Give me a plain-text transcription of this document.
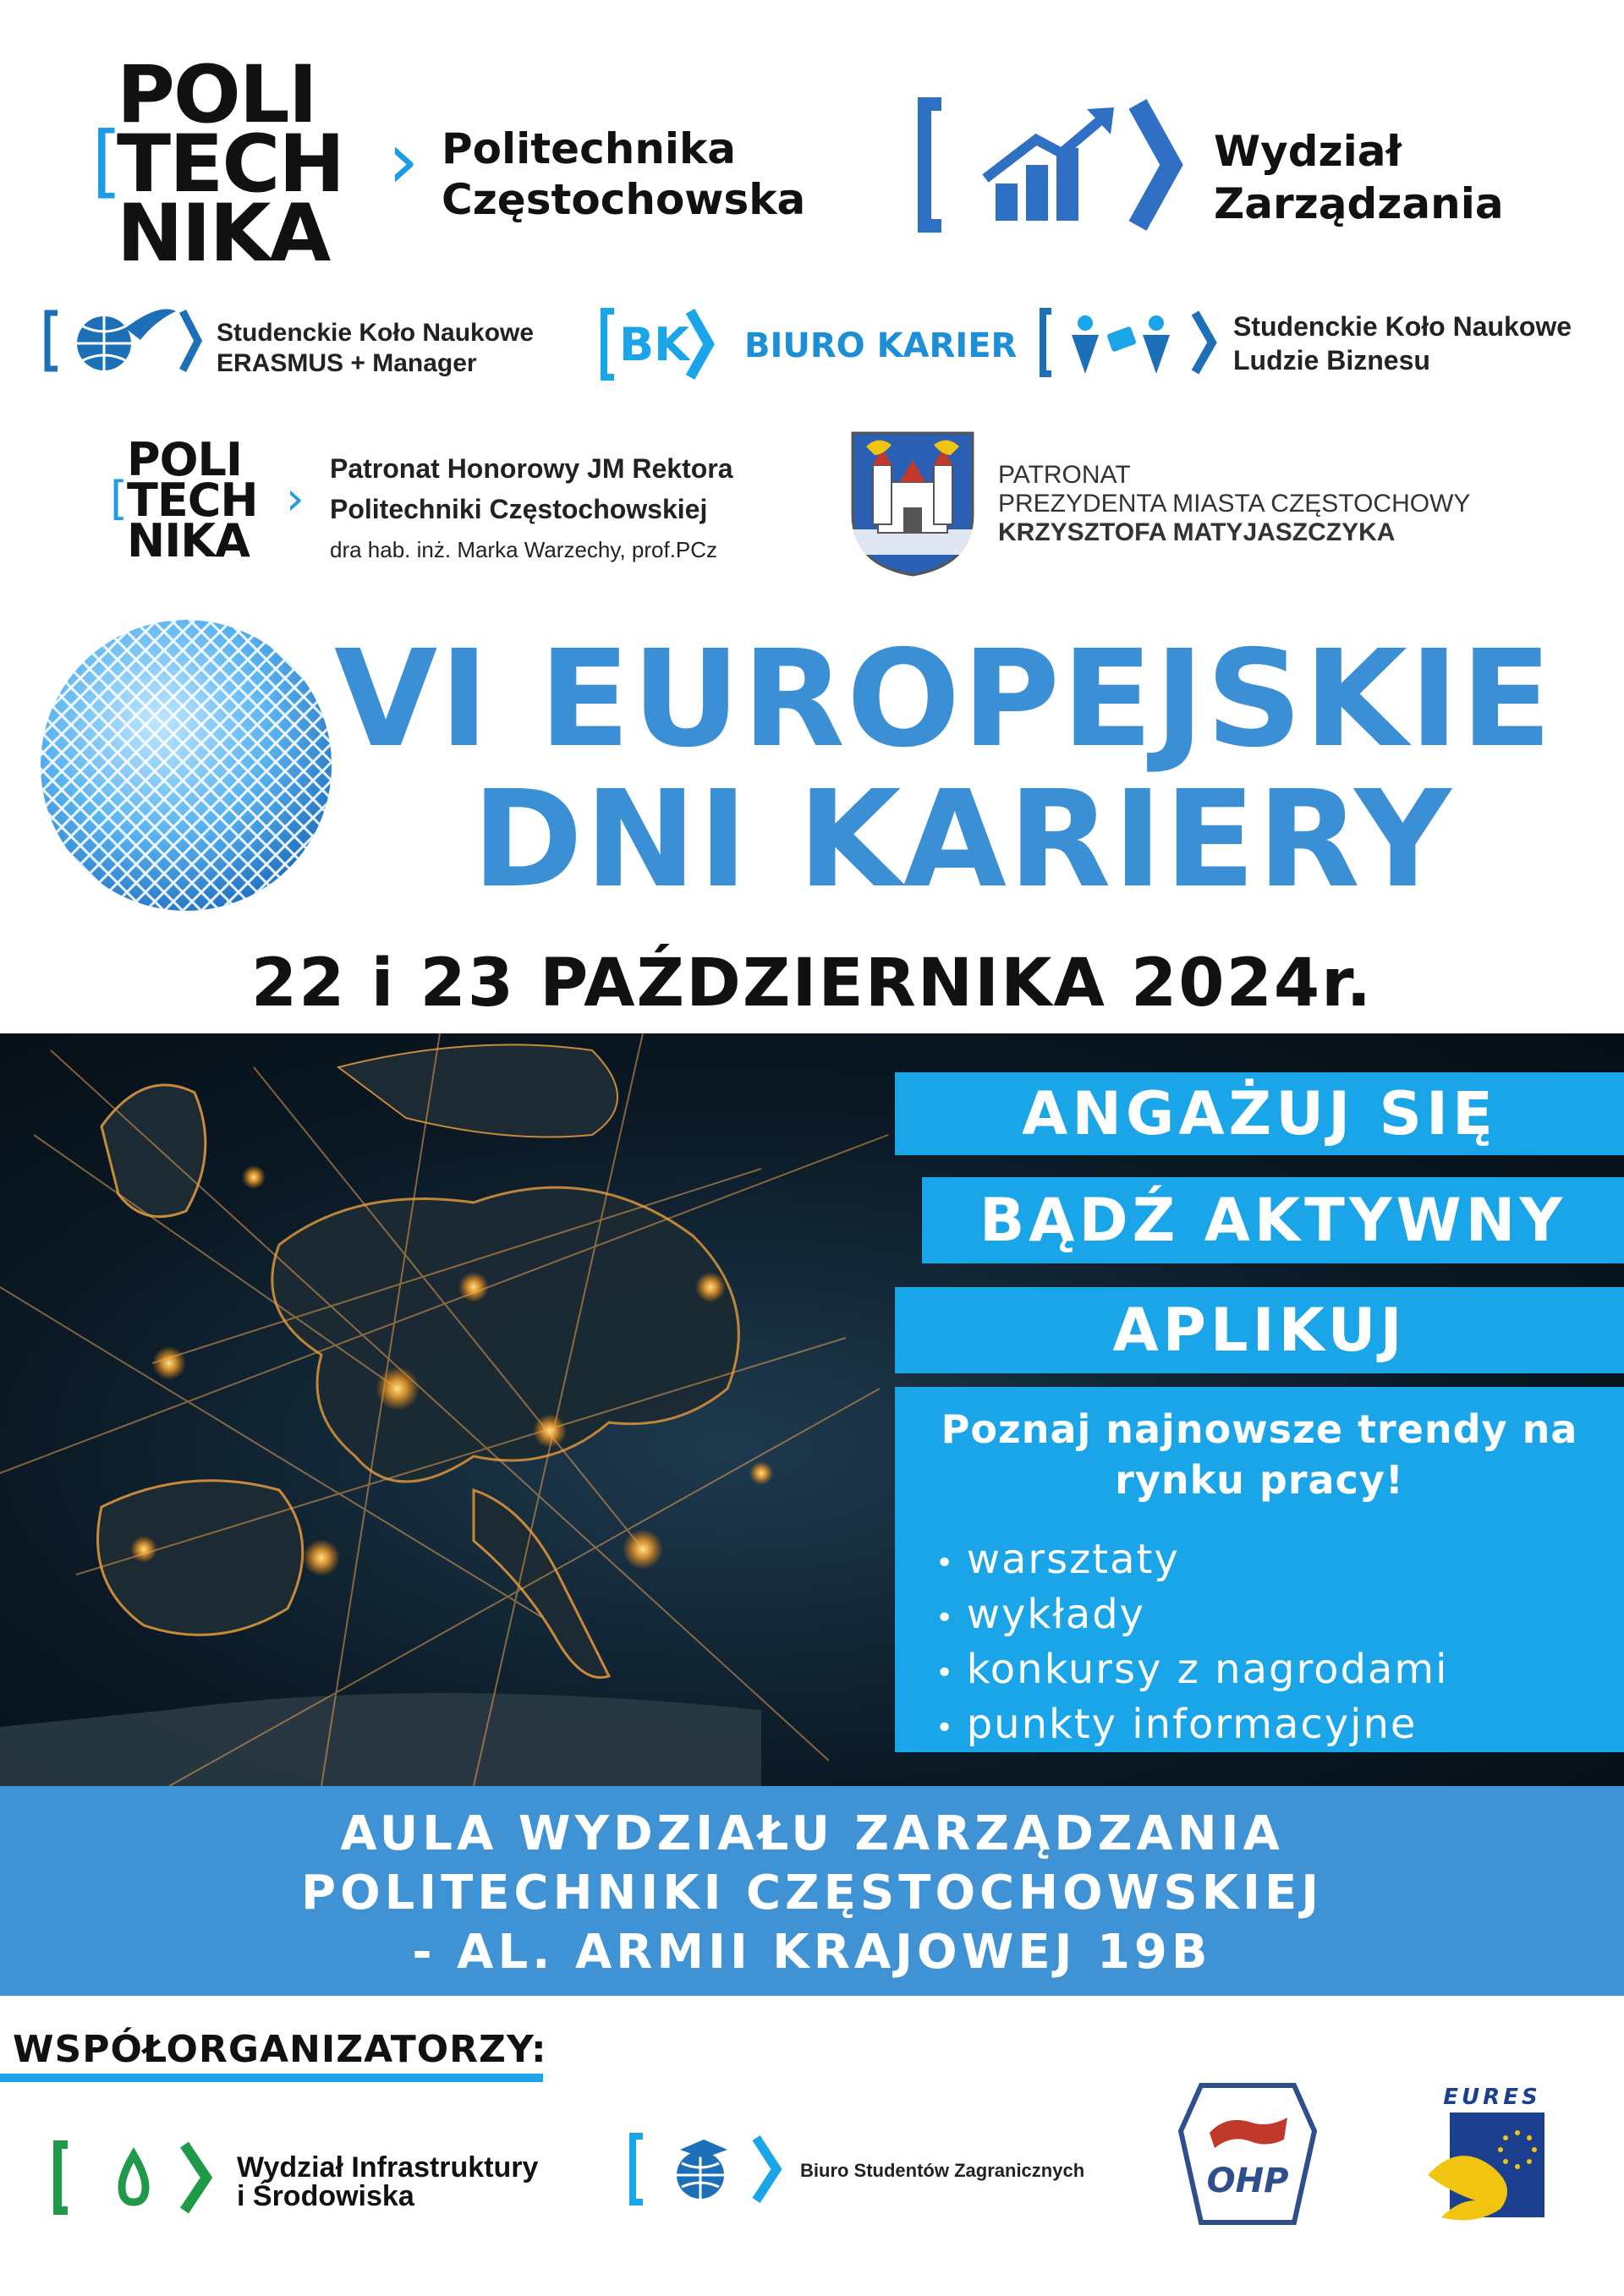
POLI
[
TECH ›
NIKA
Politechnika
Częstochowska
Wydział
Zarządzania
Studenckie Koło Naukowe
ERASMUS + Manager	BK BIURO KARIER	Studenckie Koło Naukowe
Ludzie Biznesu
POLI
[ TECH ›
NIKA
Patronat Honorowy JM Rektora
Politechniki Częstochowskiej
dra hab. inż. Marka Warzechy, prof.PCz
PATRONAT
PREZYDENTA MIASTA CZĘSTOCHOWY
KRZYSZTOFA MATYJASZCZYKA
VI EUROPEJSKIE
DNI KARIERY
22 i 23 PAŹDZIERNIKA 2024r.
ANGAŻUJ SIĘ
BĄDŹ AKTYWNY
APLIKUJ
Poznaj najnowsze trendy na
rynku pracy!
• warsztaty
• wykłady
• konkursy z nagrodami
• punkty informacyjne
AULA WYDZIAŁU ZARZĄDZANIA
POLITECHNIKI CZĘSTOCHOWSKIEJ
- AL. ARMII KRAJOWEJ 19B
WSPÓŁORGANIZATORZY:
Wydział Infrastruktury
i Środowiska
Biuro Studentów Zagranicznych	OHP
EURES
